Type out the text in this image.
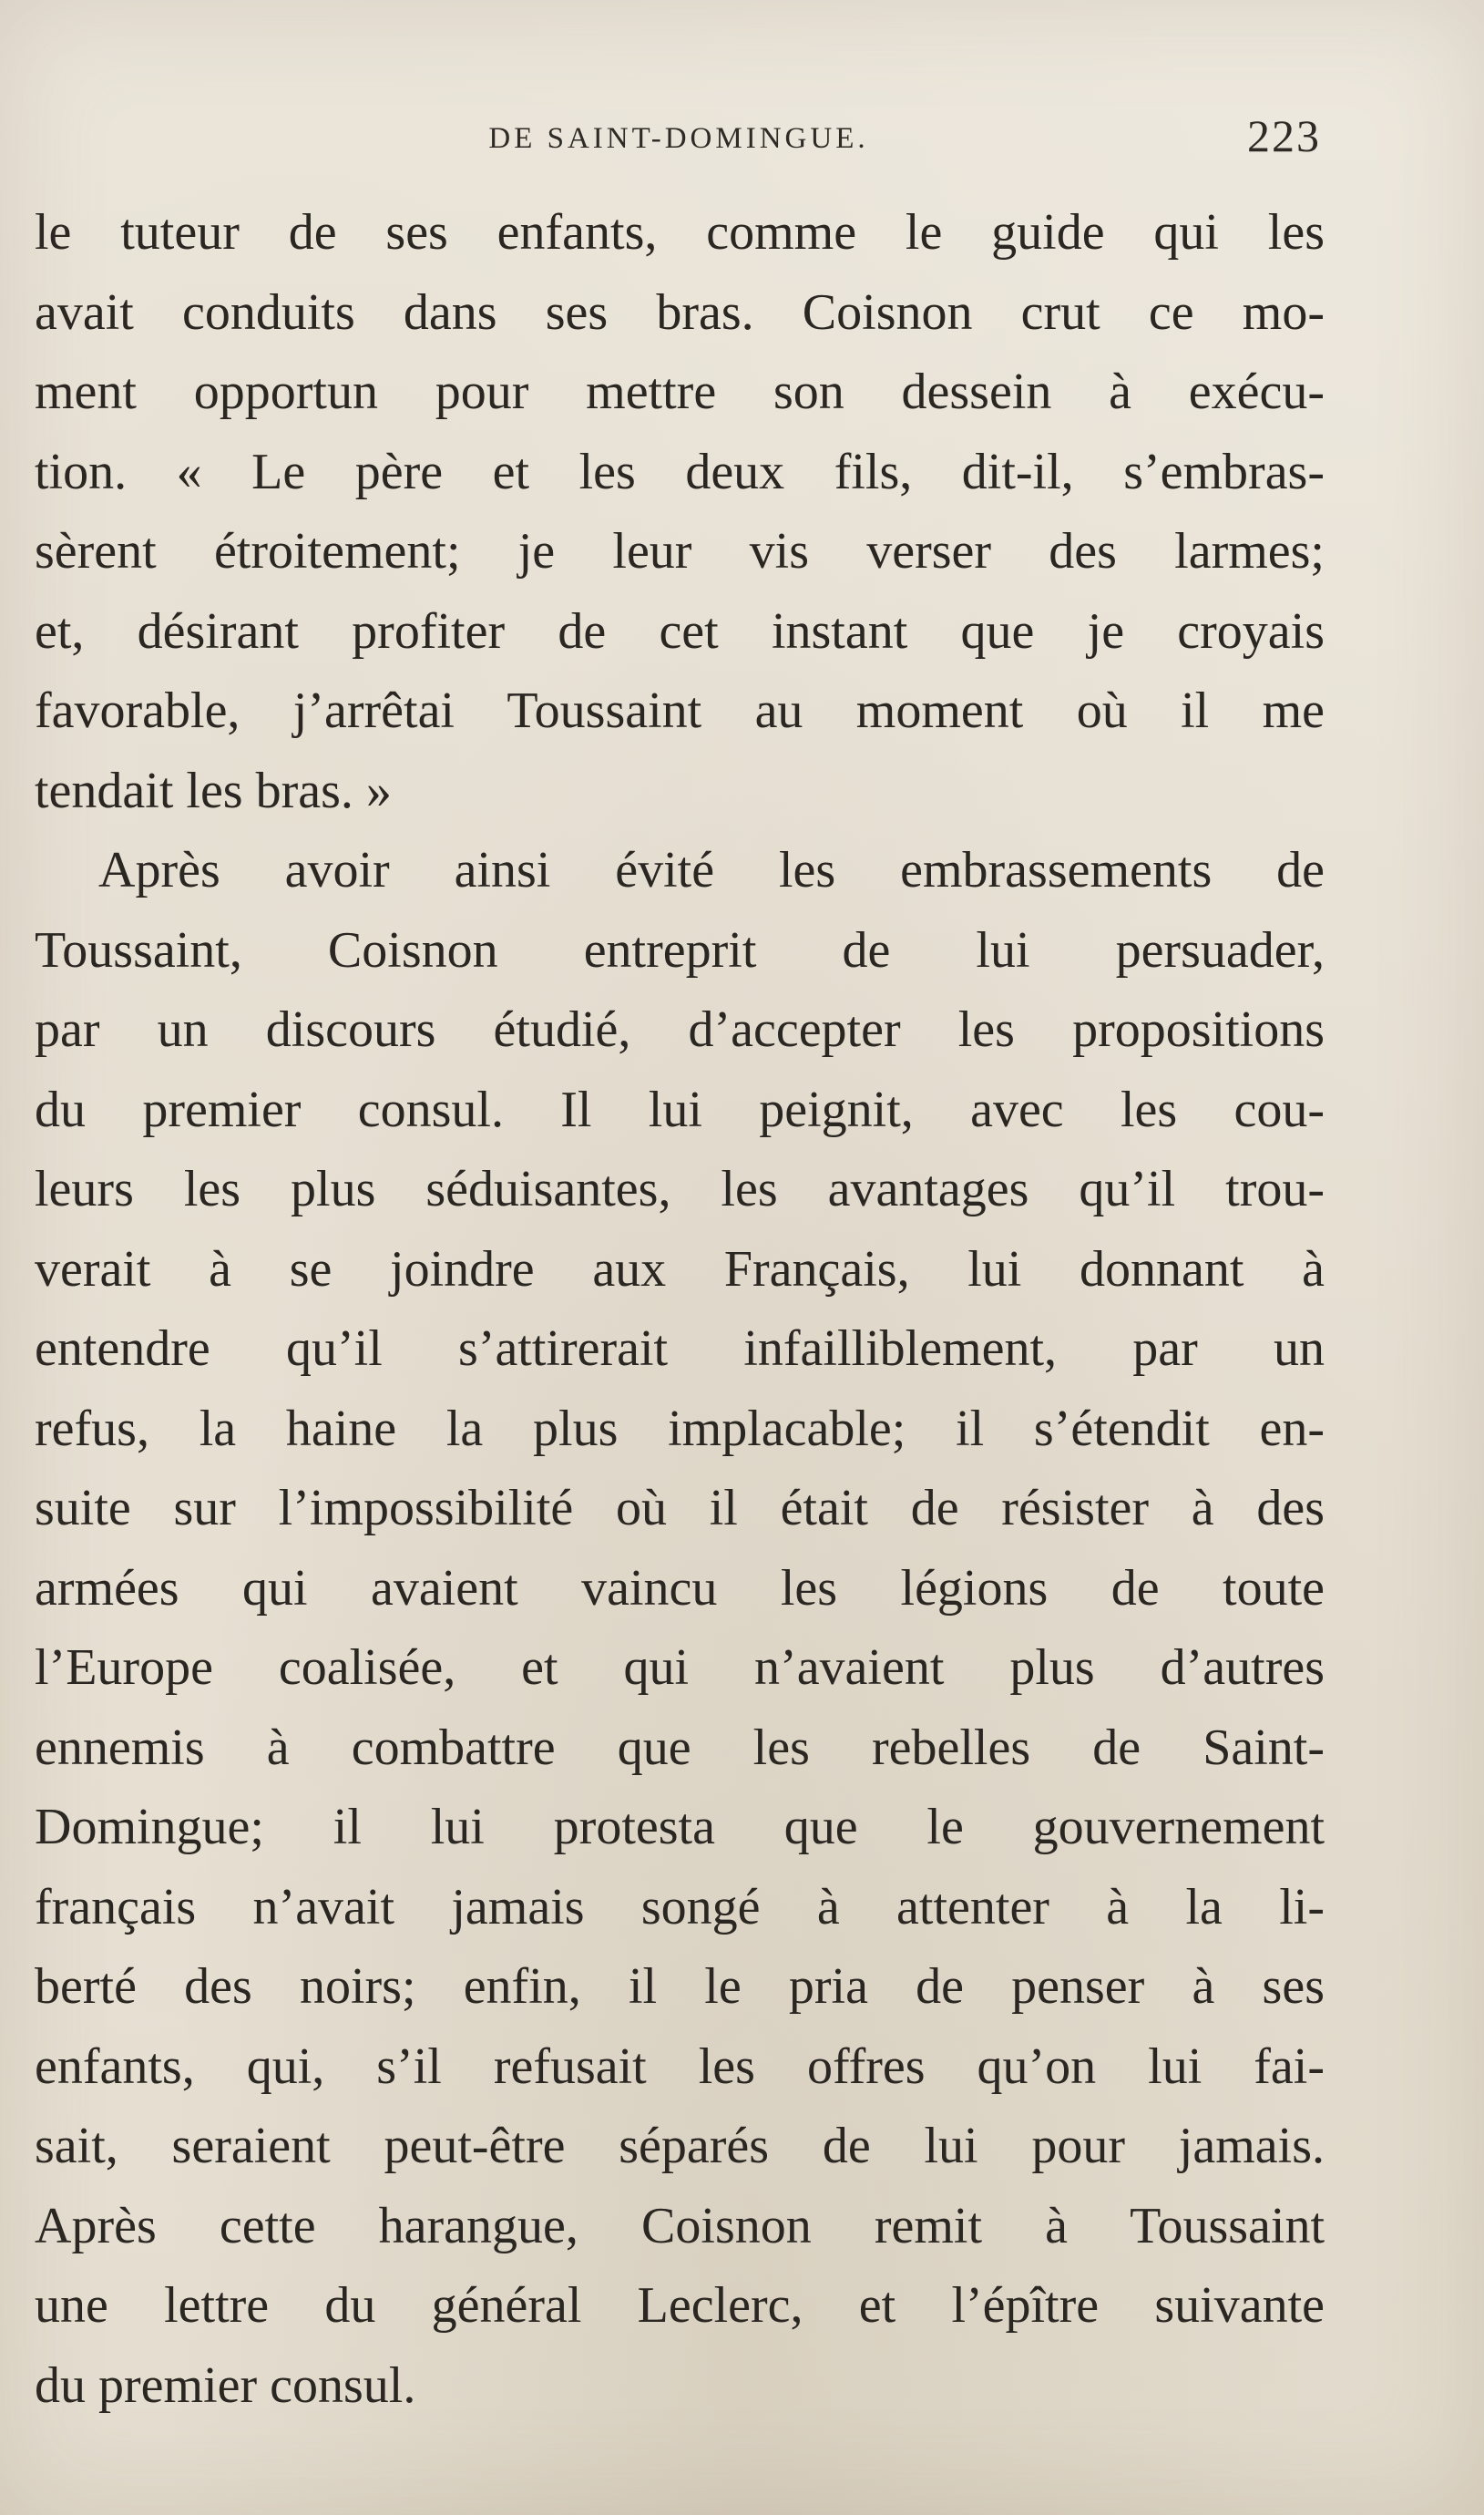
DE SAINT-DOMINGUE.	223
le tuteur de ses enfants, comme le guide qui les
avait conduits dans ses bras. Coisnon crut ce mo-
ment opportun pour mettre son dessein à exécu-
tion. « Le père et les deux fils, dit-il, s’embras-
sèrent étroitement; je leur vis verser des larmes;
et, désirant profiter de cet instant que je croyais
favorable, j’arrêtai Toussaint au moment où il me
tendait les bras. »
Après avoir ainsi évité les embrassements de
Toussaint, Coisnon entreprit de lui persuader,
par un discours étudié, d’accepter les propositions
du premier consul. Il lui peignit, avec les cou-
leurs les plus séduisantes, les avantages qu’il trou-
verait à se joindre aux Français, lui donnant à
entendre qu’il s’attirerait infailliblement, par un
refus, la haine la plus implacable; il s’étendit en-
suite sur l’impossibilité où il était de résister à des
armées qui avaient vaincu les légions de toute
l’Europe coalisée, et qui n’avaient plus d’autres
ennemis à combattre que les rebelles de Saint-
Domingue; il lui protesta que le gouvernement
français n’avait jamais songé à attenter à la li-
berté des noirs; enfin, il le pria de penser à ses
enfants, qui, s’il refusait les offres qu’on lui fai-
sait, seraient peut-être séparés de lui pour jamais.
Après cette harangue, Coisnon remit à Toussaint
une lettre du général Leclerc, et l’épître suivante
du premier consul.
